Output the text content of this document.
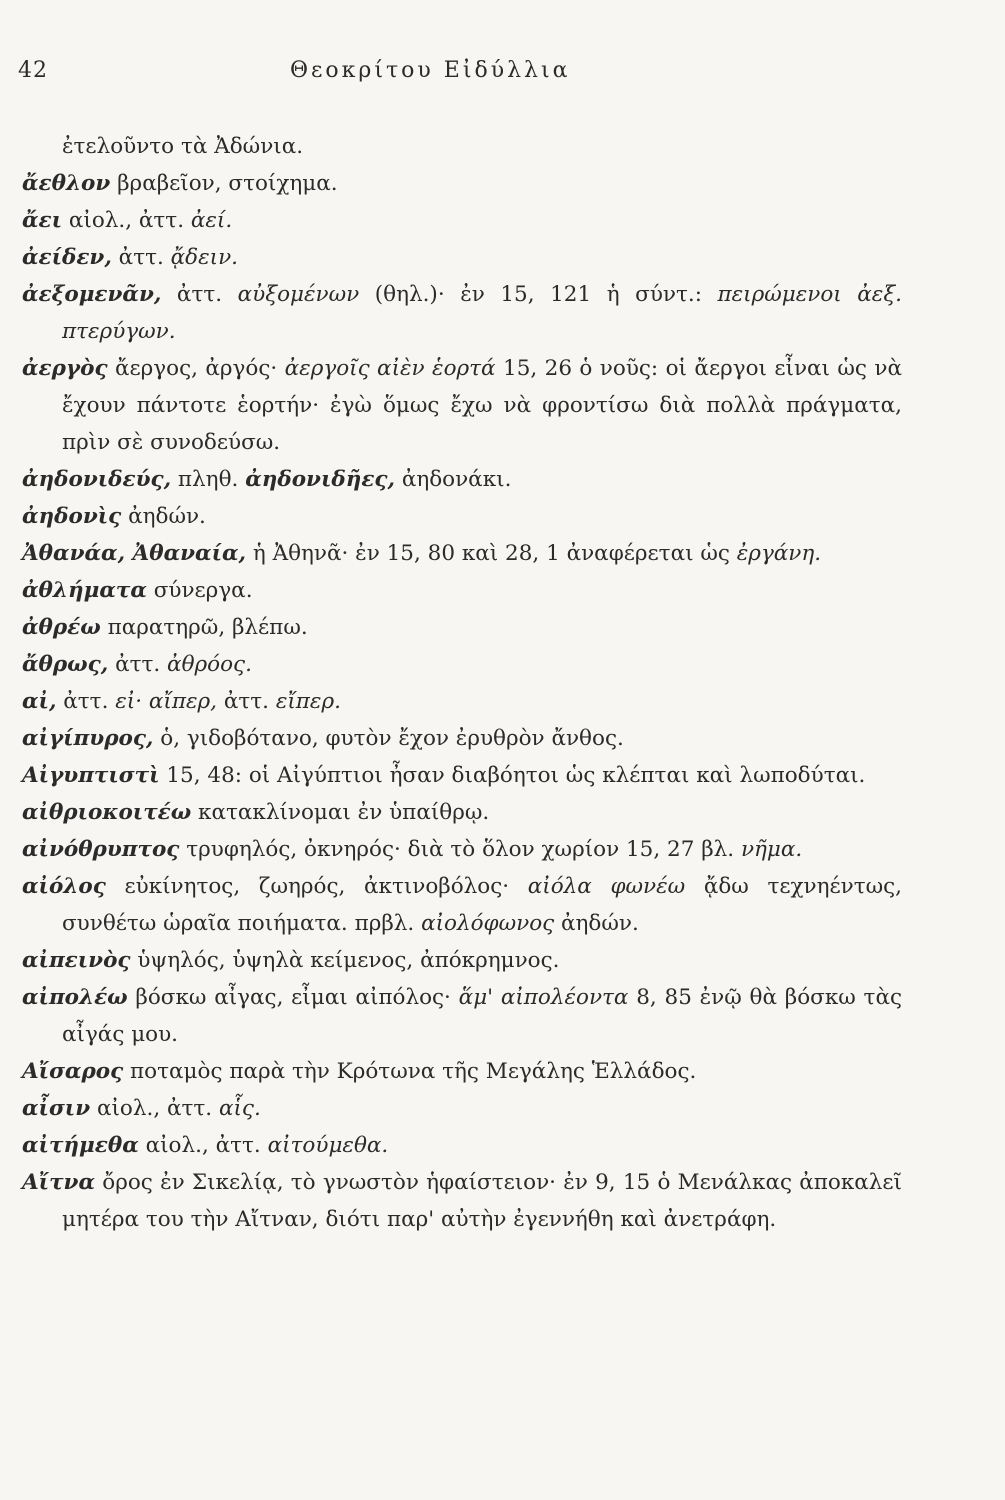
42	Θεοκρίτου Εἰδύλλια

ἐτελοῦντο τὰ Ἀδώνια.

ἄεθλον βραβεῖον, στοίχημα.

ἄει αἰολ., ἀττ. ἀεί.

ἀείδεν, ἀττ. ᾄδειν.

ἀεξομενᾶν, ἀττ. αὐξομένων (θηλ.)· ἐν 15, 121 ἡ σύντ.: πειρώμενοι ἀεξ. πτερύγων.

ἀεργὸς ἄεργος, ἀργός· ἀεργοῖς αἰὲν ἑορτά 15, 26 ὁ νοῦς: οἱ ἄεργοι εἶναι ὡς νὰ ἔχουν πάντοτε ἑορτήν· ἐγὼ ὅμως ἔχω νὰ φροντίσω διὰ πολλὰ πράγματα, πρὶν σὲ συνοδεύσω.

ἀηδονιδεύς, πληθ. ἀηδονιδῆες, ἀηδονάκι.

ἀηδονὶς ἀηδών.

Ἀθανάα, Ἀθαναία, ἡ Ἀθηνᾶ· ἐν 15, 80 καὶ 28, 1 ἀναφέρεται ὡς ἐργάνη.

ἀθλήματα σύνεργα.

ἀθρέω παρατηρῶ, βλέπω.

ἄθρως, ἀττ. ἀθρόος.

αἰ, ἀττ. εἰ· αἴπερ, ἀττ. εἴπερ.

αἰγίπυρος, ὁ, γιδοβότανο, φυτὸν ἔχον ἐρυθρὸν ἄνθος.

Αἰγυπτιστὶ 15, 48: οἱ Αἰγύπτιοι ἦσαν διαβόητοι ὡς κλέπται καὶ λωποδύται.

αἰθριοκοιτέω κατακλίνομαι ἐν ὑπαίθρῳ.

αἰνόθρυπτος τρυφηλός, ὀκνηρός· διὰ τὸ ὅλον χωρίον 15, 27 βλ. νῆμα.

αἰόλος εὐκίνητος, ζωηρός, ἀκτινοβόλος· αἰόλα φωνέω ᾄδω τεχνηέντως, συνθέτω ὡραῖα ποιήματα. πρβλ. αἰολόφωνος ἀηδών.

αἰπεινὸς ὑψηλός, ὑψηλὰ κείμενος, ἀπόκρημνος.

αἰπολέω βόσκω αἶγας, εἶμαι αἰπόλος· ἅμ' αἰπολέοντα 8, 85 ἐνῷ θὰ βόσκω τὰς αἶγάς μου.

Αἴσαρος ποταμὸς παρὰ τὴν Κρότωνα τῆς Μεγάλης Ἑλλάδος.

αἶσιν αἰολ., ἀττ. αἷς.

αἰτήμεθα αἰολ., ἀττ. αἰτούμεθα.

Αἴτνα ὄρος ἐν Σικελίᾳ, τὸ γνωστὸν ἡφαίστειον· ἐν 9, 15 ὁ Μενάλκας ἀποκαλεῖ μητέρα του τὴν Αἴτναν, διότι παρ' αὐτὴν ἐγεννήθη καὶ ἀνετράφη.
